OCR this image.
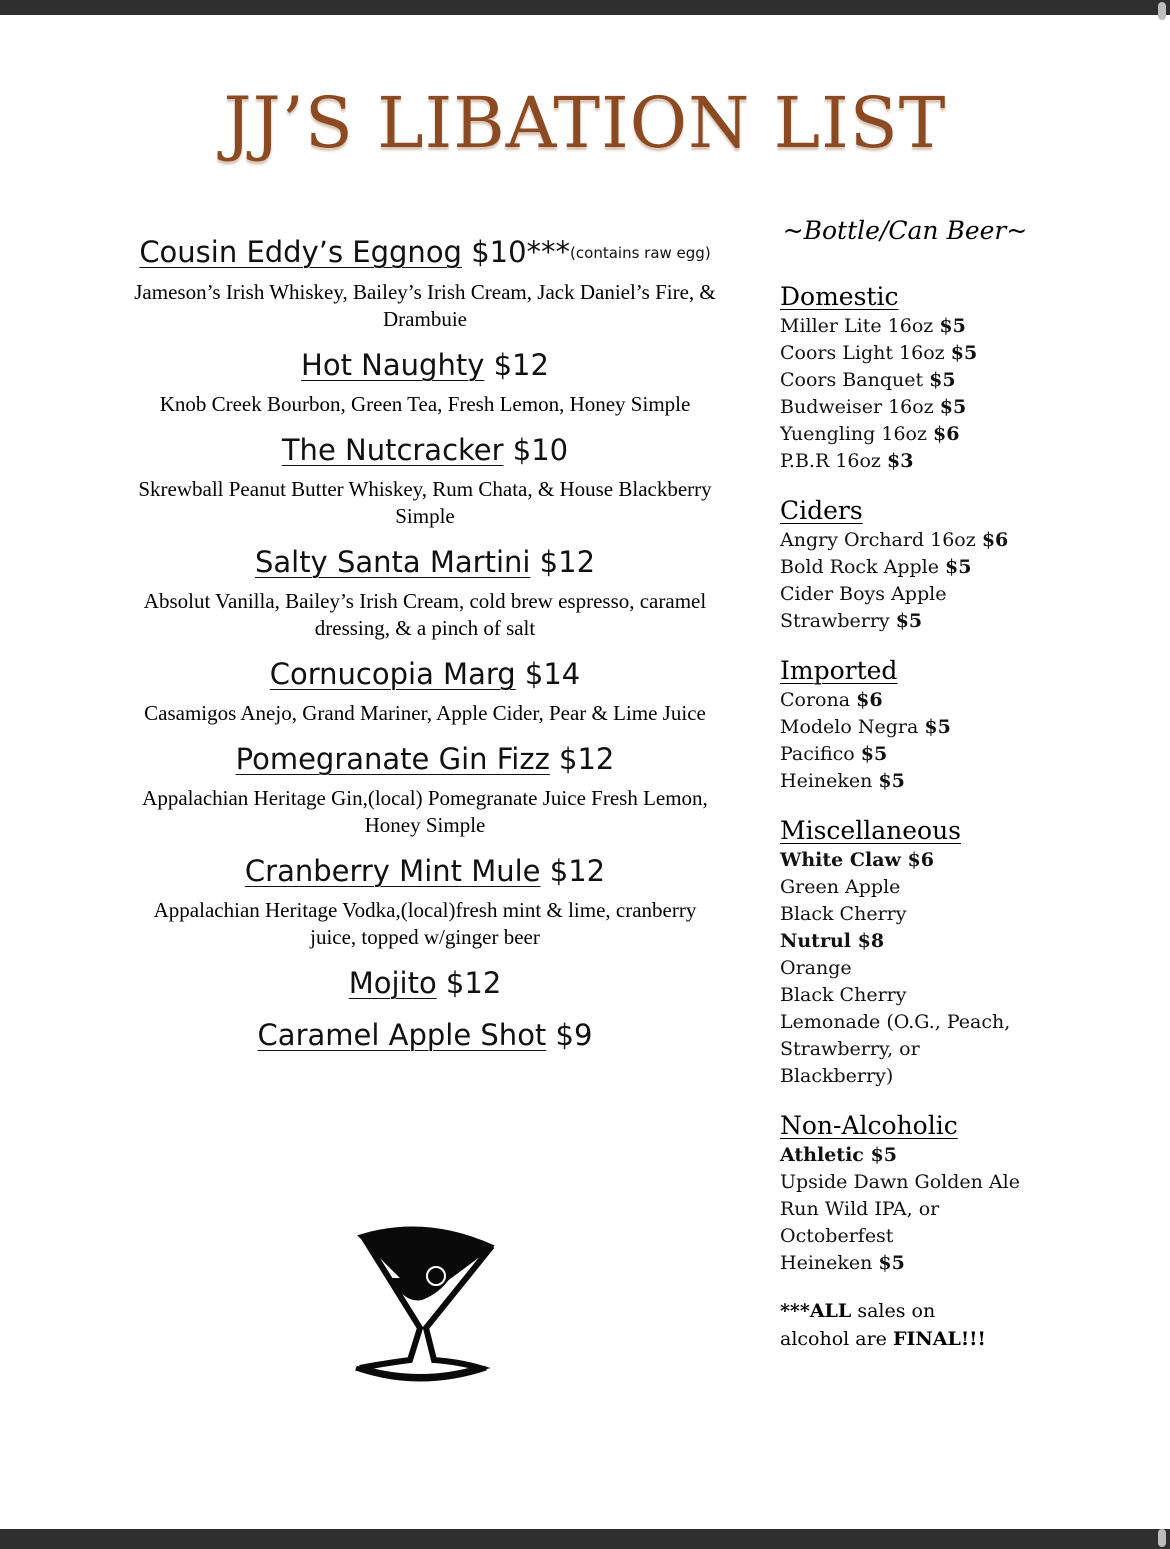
JJ’S LIBATION LIST
Cousin Eddy’s Eggnog $10***(contains raw egg)
Jameson’s Irish Whiskey, Bailey’s Irish Cream, Jack Daniel’s Fire, & Drambuie
Hot Naughty $12
Knob Creek Bourbon, Green Tea, Fresh Lemon, Honey Simple
The Nutcracker $10
Skrewball Peanut Butter Whiskey, Rum Chata, & House Blackberry Simple
Salty Santa Martini $12
Absolut Vanilla, Bailey’s Irish Cream, cold brew espresso, caramel dressing, & a pinch of salt
Cornucopia Marg $14
Casamigos Anejo, Grand Mariner, Apple Cider, Pear & Lime Juice
Pomegranate Gin Fizz $12
Appalachian Heritage Gin,(local) Pomegranate Juice Fresh Lemon, Honey Simple
Cranberry Mint Mule $12
Appalachian Heritage Vodka,(local)fresh mint & lime, cranberry juice, topped w/ginger beer
Mojito $12
Caramel Apple Shot $9
~Bottle/Can Beer~
Domestic
Miller Lite 16oz $5
Coors Light 16oz $5
Coors Banquet $5
Budweiser 16oz $5
Yuengling 16oz $6
P.B.R 16oz $3
Ciders
Angry Orchard 16oz $6
Bold Rock Apple $5
Cider Boys Apple
Strawberry $5
Imported
Corona $6
Modelo Negra $5
Pacifico $5
Heineken $5
Miscellaneous
White Claw $6
Green Apple
Black Cherry
Nutrul $8
Orange
Black Cherry
Lemonade (O.G., Peach,
Strawberry, or
Blackberry)
Non-Alcoholic
Athletic $5
Upside Dawn Golden Ale
Run Wild IPA, or
Octoberfest
Heineken $5
***ALL sales on
alcohol are FINAL!!!
